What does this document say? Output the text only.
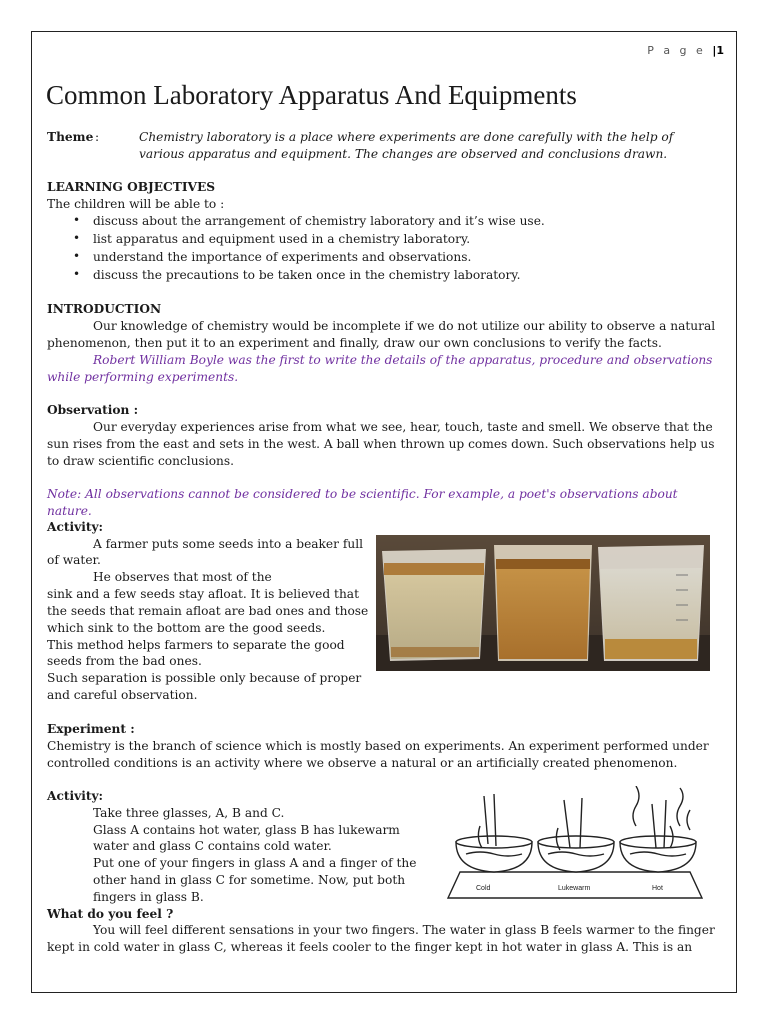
P a g e |1
Common Laboratory Apparatus And Equipments
Theme :	Chemistry laboratory is a place where experiments are done carefully with the help of
various apparatus and equipment. The changes are observed and conclusions drawn.
LEARNING OBJECTIVES
The children will be able to :
• discuss about the arrangement of chemistry laboratory and it’s wise use.
• list apparatus and equipment used in a chemistry laboratory.
• understand the importance of experiments and observations.
• discuss the precautions to be taken once in the chemistry laboratory.
INTRODUCTION
Our knowledge of chemistry would be incomplete if we do not utilize our ability to observe a natural
phenomenon, then put it to an experiment and finally, draw our own conclusions to verify the facts.
Robert William Boyle was the first to write the details of the apparatus, procedure and observations
while performing experiments.
Observation :
Our everyday experiences arise from what we see, hear, touch, taste and smell. We observe that the
sun rises from the east and sets in the west. A ball when thrown up comes down. Such observations help us
to draw scientific conclusions.
Note: All observations cannot be considered to be scientific. For example, a poet's observations about
nature.
Activity:
A farmer puts some seeds into a beaker full
of water.
He observes that most of the
sink and a few seeds stay afloat. It is believed that
the seeds that remain afloat are bad ones and those
which sink to the bottom are the good seeds.
This method helps farmers to separate the good
seeds from the bad ones.
Such separation is possible only because of proper
and careful observation.
Experiment :
Chemistry is the branch of science which is mostly based on experiments. An experiment performed under
controlled conditions is an activity where we observe a natural or an artificially created phenomenon.
Activity:
Take three glasses, A, B and C.
Glass A contains hot water, glass B has lukewarm
water and glass C contains cold water.
Put one of your fingers in glass A and a finger of the
other hand in glass C for sometime. Now, put both
fingers in glass B.
Cold	Lukewarm	Hot
What do you feel ?
You will feel different sensations in your two fingers. The water in glass B feels warmer to the finger
kept in cold water in glass C, whereas it feels cooler to the finger kept in hot water in glass A. This is an
